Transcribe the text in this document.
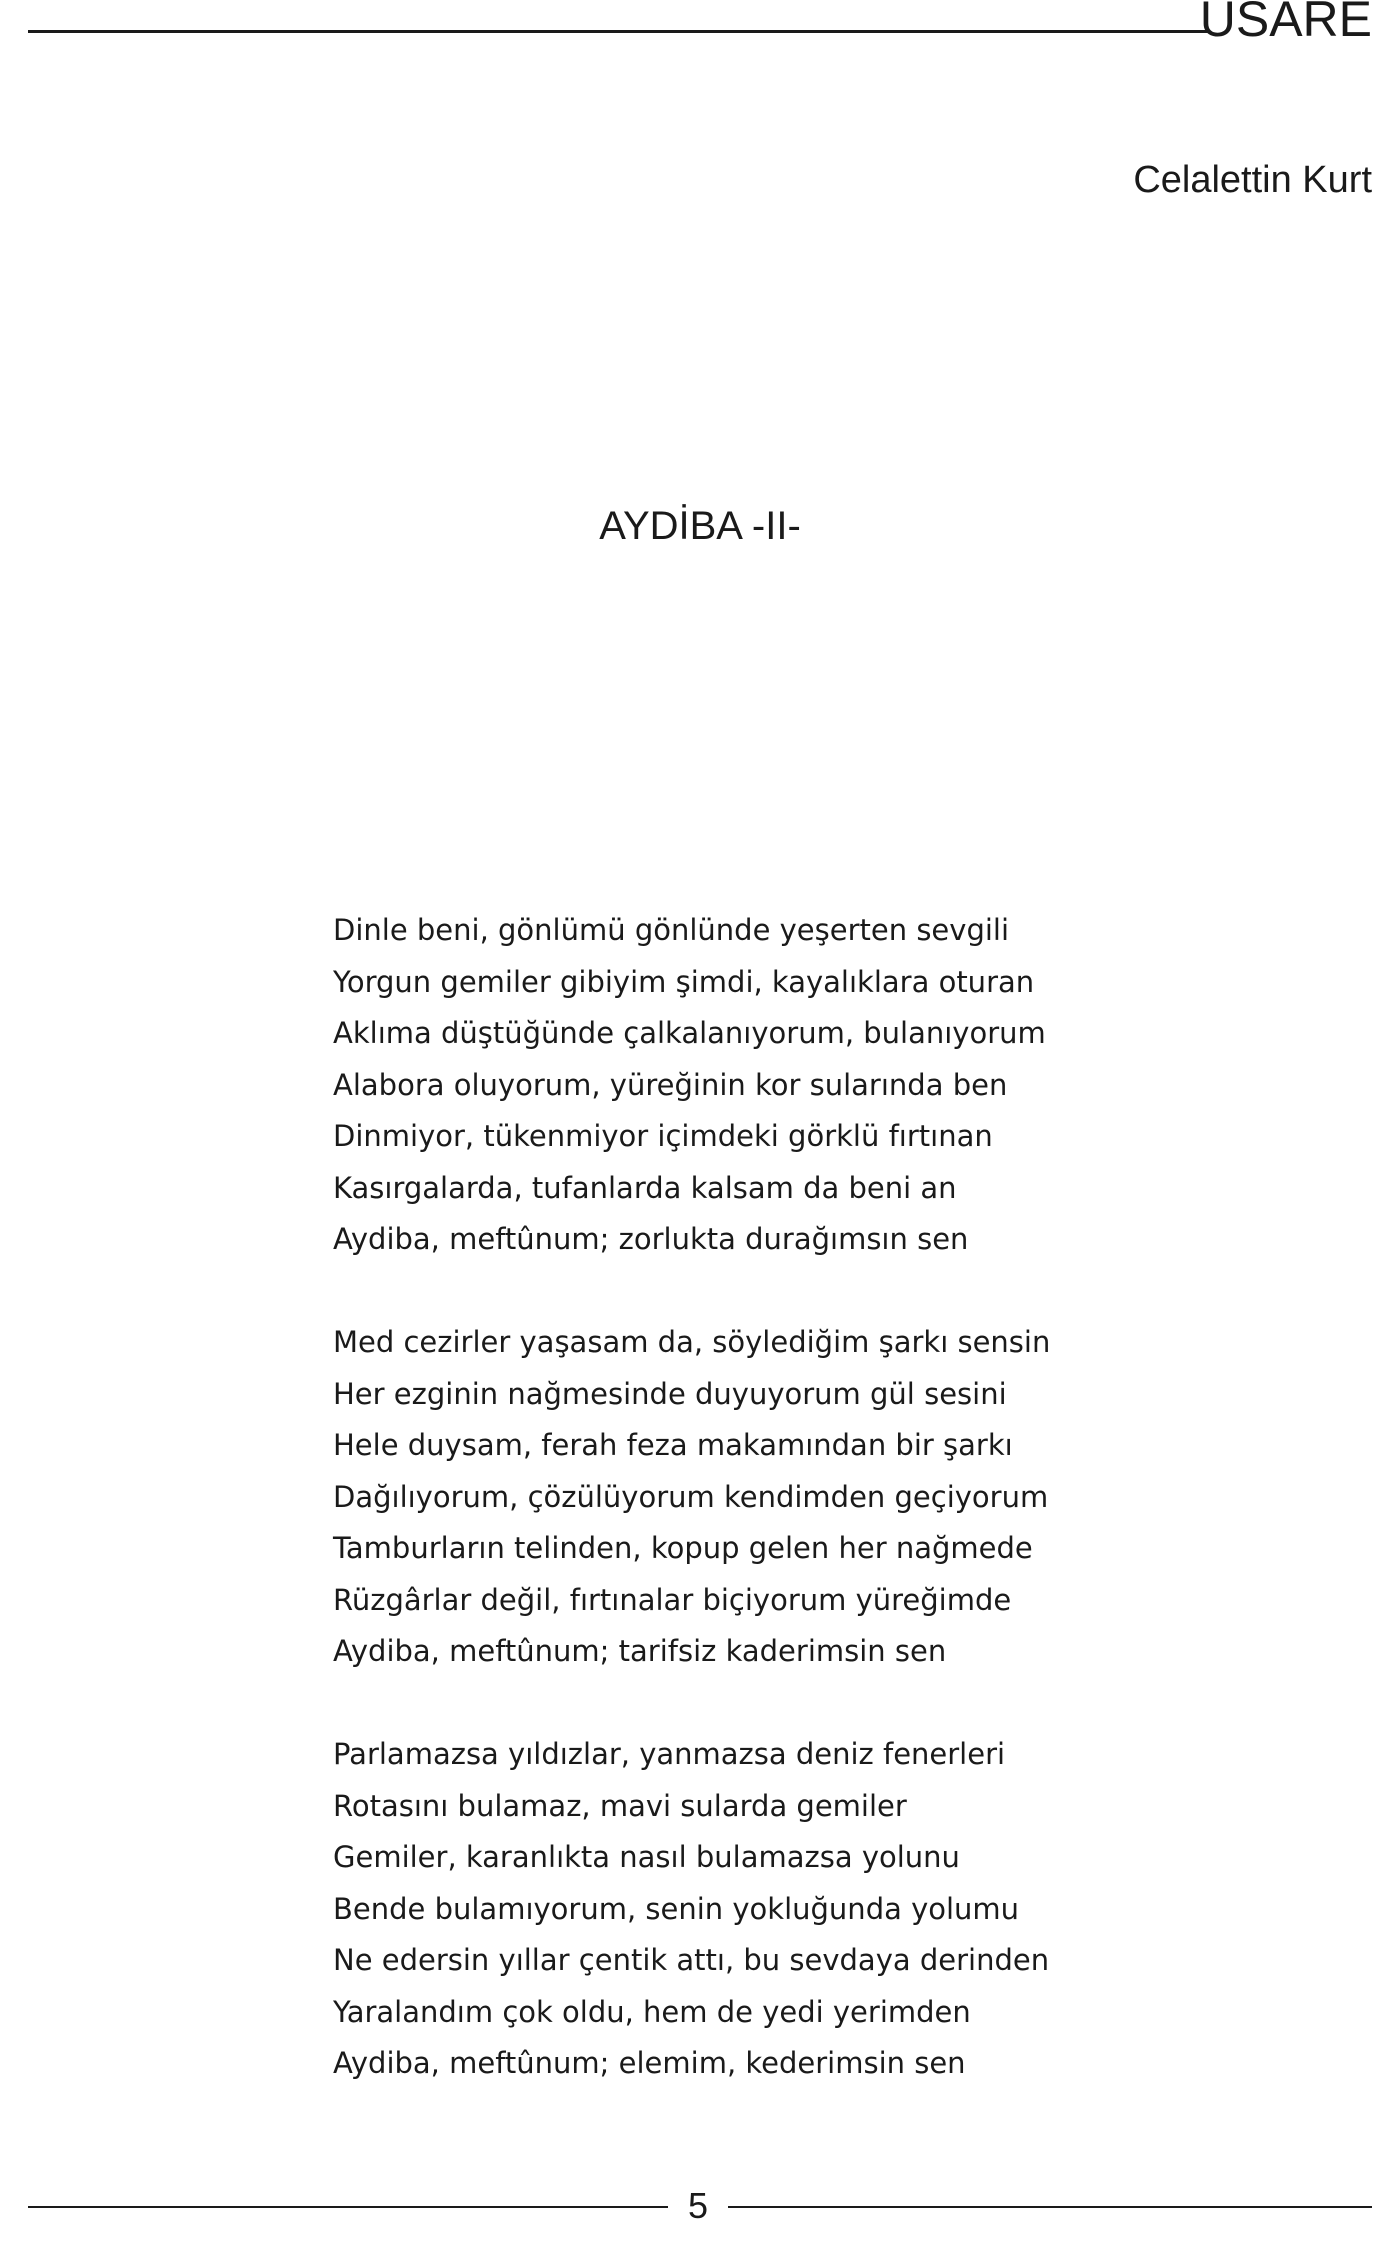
USARE
Celalettin Kurt
AYDİBA -II-
Dinle beni, gönlümü gönlünde yeşerten sevgili
Yorgun gemiler gibiyim şimdi, kayalıklara oturan
Aklıma düştüğünde çalkalanıyorum, bulanıyorum
Alabora oluyorum, yüreğinin kor sularında ben
Dinmiyor, tükenmiyor içimdeki görklü fırtınan
Kasırgalarda, tufanlarda kalsam da beni an
Aydiba, meftûnum; zorlukta durağımsın sen
Med cezirler yaşasam da, söylediğim şarkı sensin
Her ezginin nağmesinde duyuyorum gül sesini
Hele duysam, ferah feza makamından bir şarkı
Dağılıyorum, çözülüyorum kendimden geçiyorum
Tamburların telinden, kopup gelen her nağmede
Rüzgârlar değil, fırtınalar biçiyorum yüreğimde
Aydiba, meftûnum; tarifsiz kaderimsin sen
Parlamazsa yıldızlar, yanmazsa deniz fenerleri
Rotasını bulamaz, mavi sularda gemiler
Gemiler, karanlıkta nasıl bulamazsa yolunu
Bende bulamıyorum, senin yokluğunda yolumu
Ne edersin yıllar çentik attı, bu sevdaya derinden
Yaralandım çok oldu, hem de yedi yerimden
Aydiba, meftûnum; elemim, kederimsin sen
5
